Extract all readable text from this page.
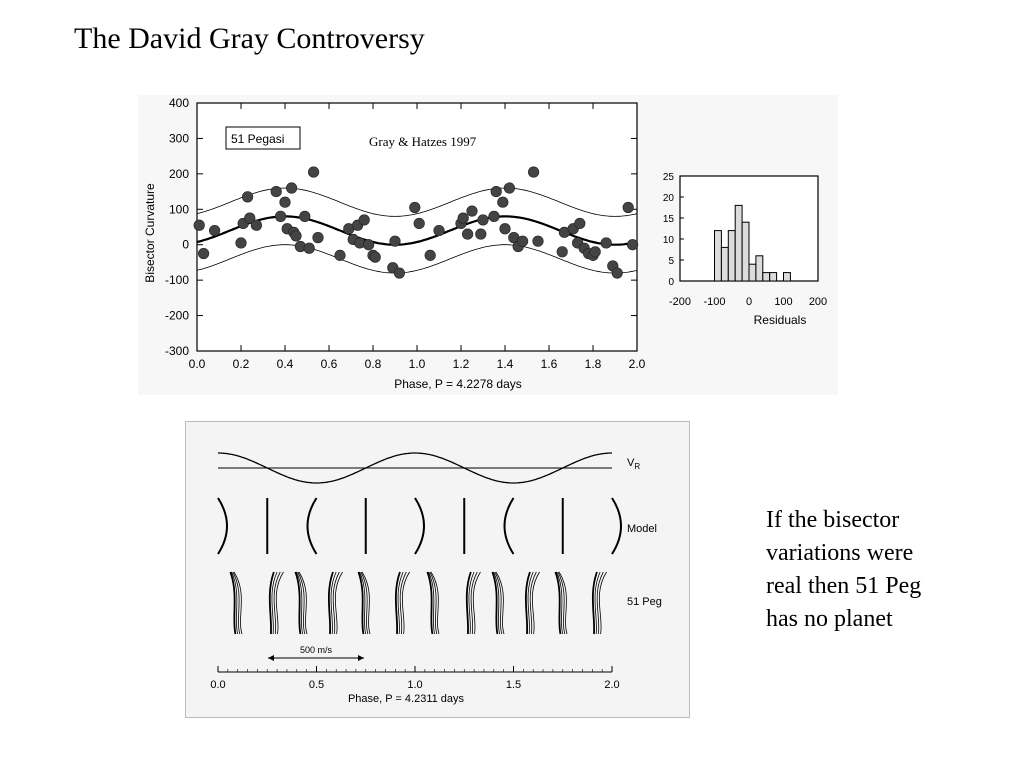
The David Gray Controversy
400
300
200
100
0
-100
-200
-300
0.0 0.2 0.4 0.6 0.8 1.0 1.2 1.4 1.6 1.8 2.0
51 Pegasi	Gray & Hatzes 1997
Bisector Curvature
Phase, P = 4.2278 days
25
20
15
10
5
0
-200 -100 0 100 200
Residuals
$V_R$
Model
51 Peg
500 m/s
0.0	0.5	1.0	1.5	2.0
Phase, P = 4.2311 days
If the bisector
variations were
real then 51 Peg
has no planet
